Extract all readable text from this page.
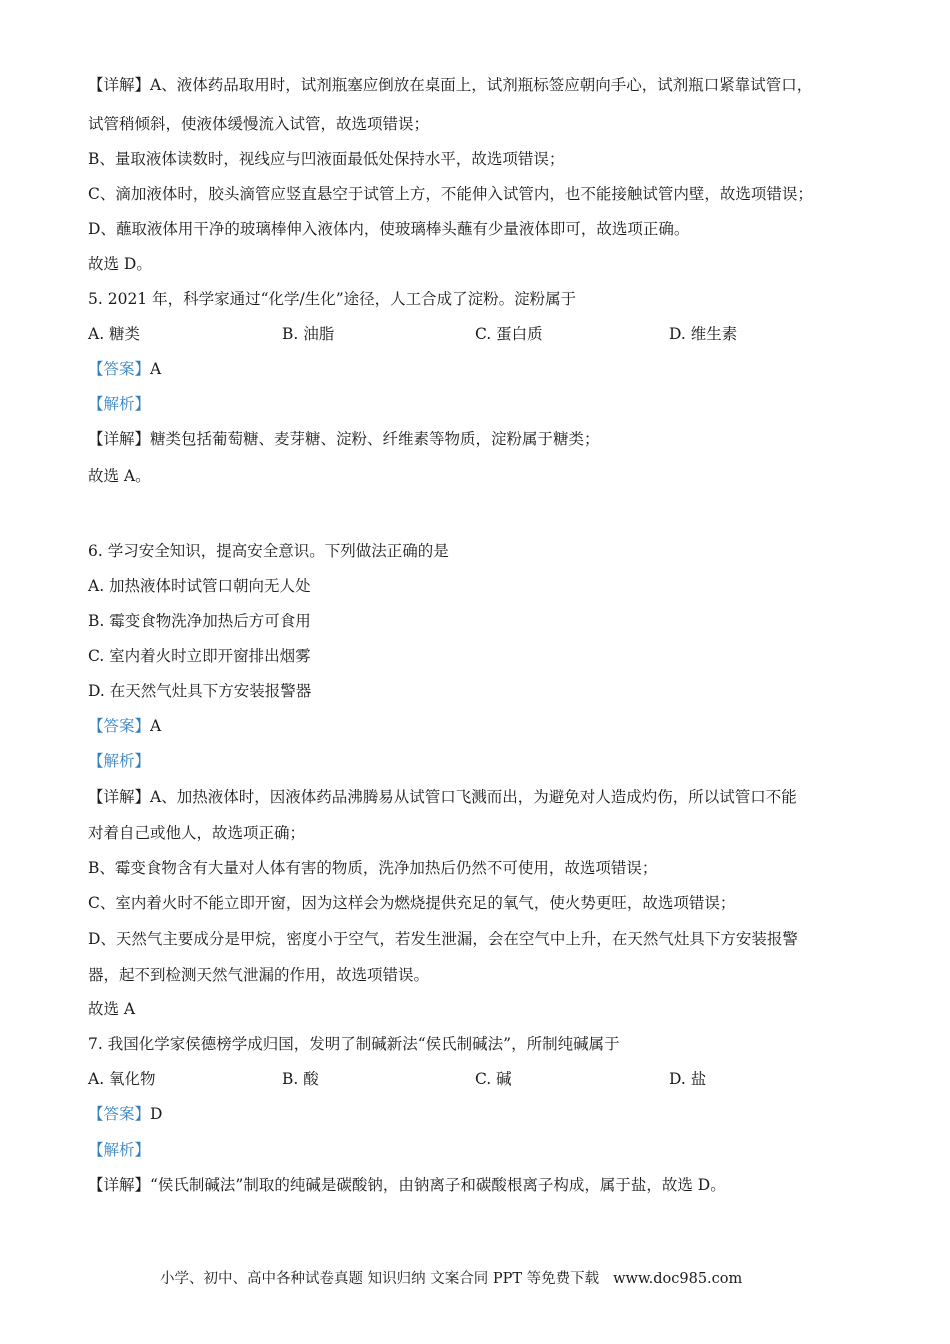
【详解】A、液体药品取用时，试剂瓶塞应倒放在桌面上，试剂瓶标签应朝向手心，试剂瓶口紧靠试管口，
试管稍倾斜，使液体缓慢流入试管，故选项错误；
B、量取液体读数时，视线应与凹液面最低处保持水平，故选项错误；
C、滴加液体时，胶头滴管应竖直悬空于试管上方，不能伸入试管内，也不能接触试管内壁，故选项错误；
D、蘸取液体用干净的玻璃棒伸入液体内，使玻璃棒头蘸有少量液体即可，故选项正确。
故选 D。
5. 2021 年，科学家通过“化学/生化”途径，人工合成了淀粉。淀粉属于
A. 糖类	B. 油脂	C. 蛋白质	D. 维生素
【答案】A
【解析】
【详解】糖类包括葡萄糖、麦芽糖、淀粉、纤维素等物质，淀粉属于糖类；
故选 A。
6. 学习安全知识，提高安全意识。下列做法正确的是
A. 加热液体时试管口朝向无人处
B. 霉变食物洗净加热后方可食用
C. 室内着火时立即开窗排出烟雾
D. 在天然气灶具下方安装报警器
【答案】A
【解析】
【详解】A、加热液体时，因液体药品沸腾易从试管口飞溅而出，为避免对人造成灼伤，所以试管口不能
对着自己或他人，故选项正确；
B、霉变食物含有大量对人体有害的物质，洗净加热后仍然不可使用，故选项错误；
C、室内着火时不能立即开窗，因为这样会为燃烧提供充足的氧气，使火势更旺，故选项错误；
D、天然气主要成分是甲烷，密度小于空气，若发生泄漏，会在空气中上升，在天然气灶具下方安装报警
器，起不到检测天然气泄漏的作用，故选项错误。
故选 A
7. 我国化学家侯德榜学成归国，发明了制碱新法“侯氏制碱法”，所制纯碱属于
A. 氧化物	B. 酸	C. 碱	D. 盐
【答案】D
【解析】
【详解】“侯氏制碱法”制取的纯碱是碳酸钠，由钠离子和碳酸根离子构成，属于盐，故选 D。
小学、初中、高中各种试卷真题 知识归纳 文案合同 PPT 等免费下载 www.doc985.com
